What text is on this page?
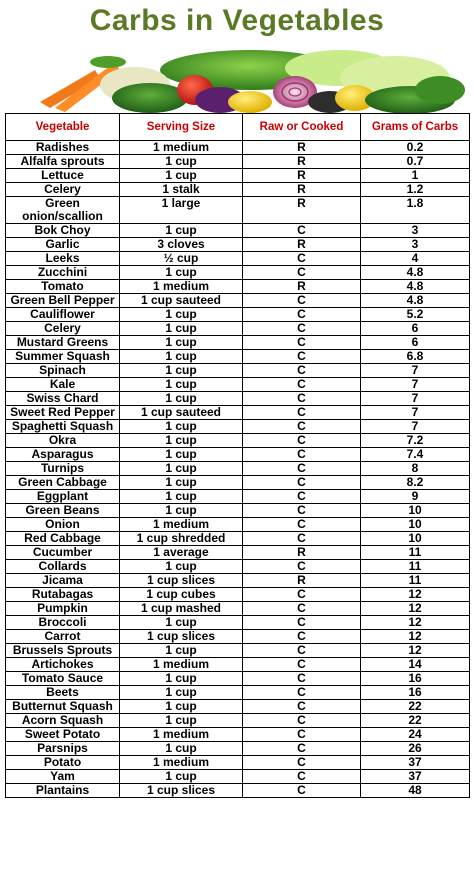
Carbs in Vegetables
Vegetable	Serving Size	Raw or Cooked	Grams of Carbs
Radishes	1 medium	R	0.2
Alfalfa sprouts	1 cup	R	0.7
Lettuce	1 cup	R	1
Celery	1 stalk	R	1.2
Green onion/scallion	1 large	R	1.8
Bok Choy	1 cup	C	3
Garlic	3 cloves	R	3
Leeks	½ cup	C	4
Zucchini	1 cup	C	4.8
Tomato	1 medium	R	4.8
Green Bell Pepper	1 cup sauteed	C	4.8
Cauliflower	1 cup	C	5.2
Celery	1 cup	C	6
Mustard Greens	1 cup	C	6
Summer Squash	1 cup	C	6.8
Spinach	1 cup	C	7
Kale	1 cup	C	7
Swiss Chard	1 cup	C	7
Sweet Red Pepper	1 cup sauteed	C	7
Spaghetti Squash	1 cup	C	7
Okra	1 cup	C	7.2
Asparagus	1 cup	C	7.4
Turnips	1 cup	C	8
Green Cabbage	1 cup	C	8.2
Eggplant	1 cup	C	9
Green Beans	1 cup	C	10
Onion	1 medium	C	10
Red Cabbage	1 cup shredded	C	10
Cucumber	1 average	R	11
Collards	1 cup	C	11
Jicama	1 cup slices	R	11
Rutabagas	1 cup cubes	C	12
Pumpkin	1 cup mashed	C	12
Broccoli	1 cup	C	12
Carrot	1 cup slices	C	12
Brussels Sprouts	1 cup	C	12
Artichokes	1 medium	C	14
Tomato Sauce	1 cup	C	16
Beets	1 cup	C	16
Butternut Squash	1 cup	C	22
Acorn Squash	1 cup	C	22
Sweet Potato	1 medium	C	24
Parsnips	1 cup	C	26
Potato	1 medium	C	37
Yam	1 cup	C	37
Plantains	1 cup slices	C	48
